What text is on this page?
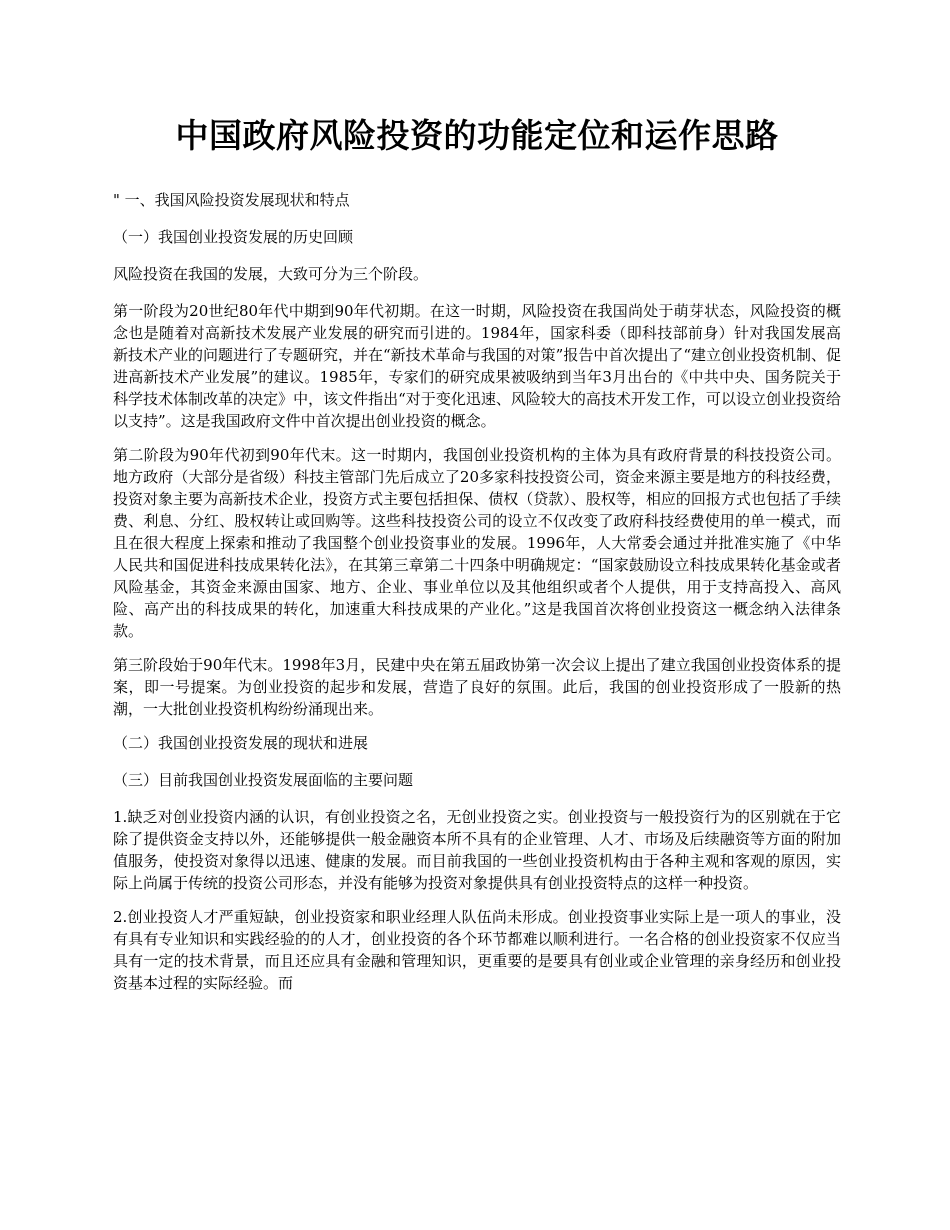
中国政府风险投资的功能定位和运作思路

" 一、我国风险投资发展现状和特点

（一）我国创业投资发展的历史回顾

风险投资在我国的发展，大致可分为三个阶段。

第一阶段为20世纪80年代中期到90年代初期。在这一时期，风险投资在我国尚处于萌芽状态，风险投资的概念也是随着对高新技术发展产业发展的研究而引进的。1984年，国家科委（即科技部前身）针对我国发展高新技术产业的问题进行了专题研究，并在“新技术革命与我国的对策”报告中首次提出了“建立创业投资机制、促进高新技术产业发展”的建议。1985年，专家们的研究成果被吸纳到当年3月出台的《中共中央、国务院关于科学技术体制改革的决定》中，该文件指出“对于变化迅速、风险较大的高技术开发工作，可以设立创业投资给以支持”。这是我国政府文件中首次提出创业投资的概念。

第二阶段为90年代初到90年代末。这一时期内，我国创业投资机构的主体为具有政府背景的科技投资公司。地方政府（大部分是省级）科技主管部门先后成立了20多家科技投资公司，资金来源主要是地方的科技经费，投资对象主要为高新技术企业，投资方式主要包括担保、债权（贷款）、股权等，相应的回报方式也包括了手续费、利息、分红、股权转让或回购等。这些科技投资公司的设立不仅改变了政府科技经费使用的单一模式，而且在很大程度上探索和推动了我国整个创业投资事业的发展。1996年，人大常委会通过并批准实施了《中华人民共和国促进科技成果转化法》，在其第三章第二十四条中明确规定：“国家鼓励设立科技成果转化基金或者风险基金，其资金来源由国家、地方、企业、事业单位以及其他组织或者个人提供，用于支持高投入、高风险、高产出的科技成果的转化，加速重大科技成果的产业化。”这是我国首次将创业投资这一概念纳入法律条款。

第三阶段始于90年代末。1998年3月，民建中央在第五届政协第一次会议上提出了建立我国创业投资体系的提案，即一号提案。为创业投资的起步和发展，营造了良好的氛围。此后，我国的创业投资形成了一股新的热潮，一大批创业投资机构纷纷涌现出来。

（二）我国创业投资发展的现状和进展

（三）目前我国创业投资发展面临的主要问题

1.缺乏对创业投资内涵的认识，有创业投资之名，无创业投资之实。创业投资与一般投资行为的区别就在于它除了提供资金支持以外，还能够提供一般金融资本所不具有的企业管理、人才、市场及后续融资等方面的附加值服务，使投资对象得以迅速、健康的发展。而目前我国的一些创业投资机构由于各种主观和客观的原因，实际上尚属于传统的投资公司形态，并没有能够为投资对象提供具有创业投资特点的这样一种投资。

2.创业投资人才严重短缺，创业投资家和职业经理人队伍尚未形成。创业投资事业实际上是一项人的事业，没有具有专业知识和实践经验的的人才，创业投资的各个环节都难以顺利进行。一名合格的创业投资家不仅应当具有一定的技术背景，而且还应具有金融和管理知识，更重要的是要具有创业或企业管理的亲身经历和创业投资基本过程的实际经验。而
